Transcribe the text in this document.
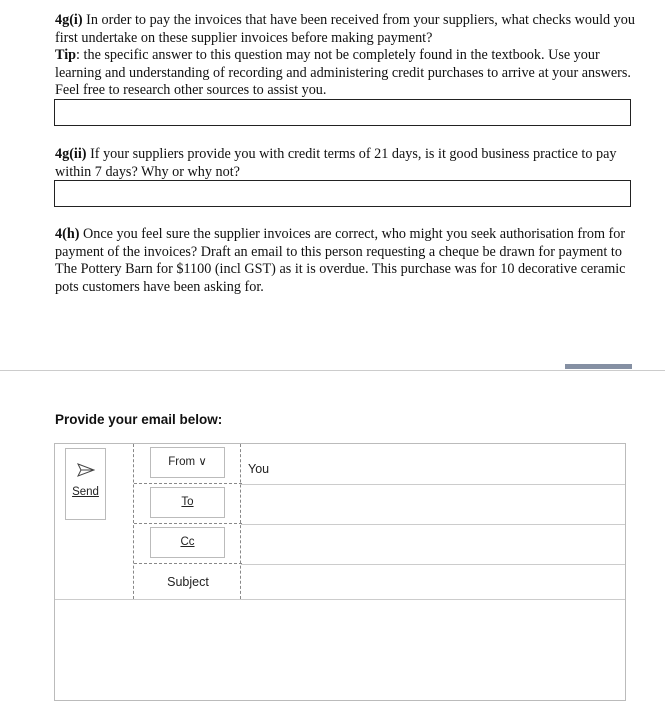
4g(i) In order to pay the invoices that have been received from your suppliers, what checks would you first undertake on these supplier invoices before making payment?
Tip: the specific answer to this question may not be completely found in the textbook. Use your learning and understanding of recording and administering credit purchases to arrive at your answers. Feel free to research other sources to assist you.
4g(ii) If your suppliers provide you with credit terms of 21 days, is it good business practice to pay within 7 days? Why or why not?
4(h) Once you feel sure the supplier invoices are correct, who might you seek authorisation from for payment of the invoices? Draft an email to this person requesting a cheque be drawn for payment to The Pottery Barn for $1100 (incl GST) as it is overdue. This purchase was for 10 decorative ceramic pots customers have been asking for.
Provide your email below:
Send
From ∨
To
Cc
Subject
You
